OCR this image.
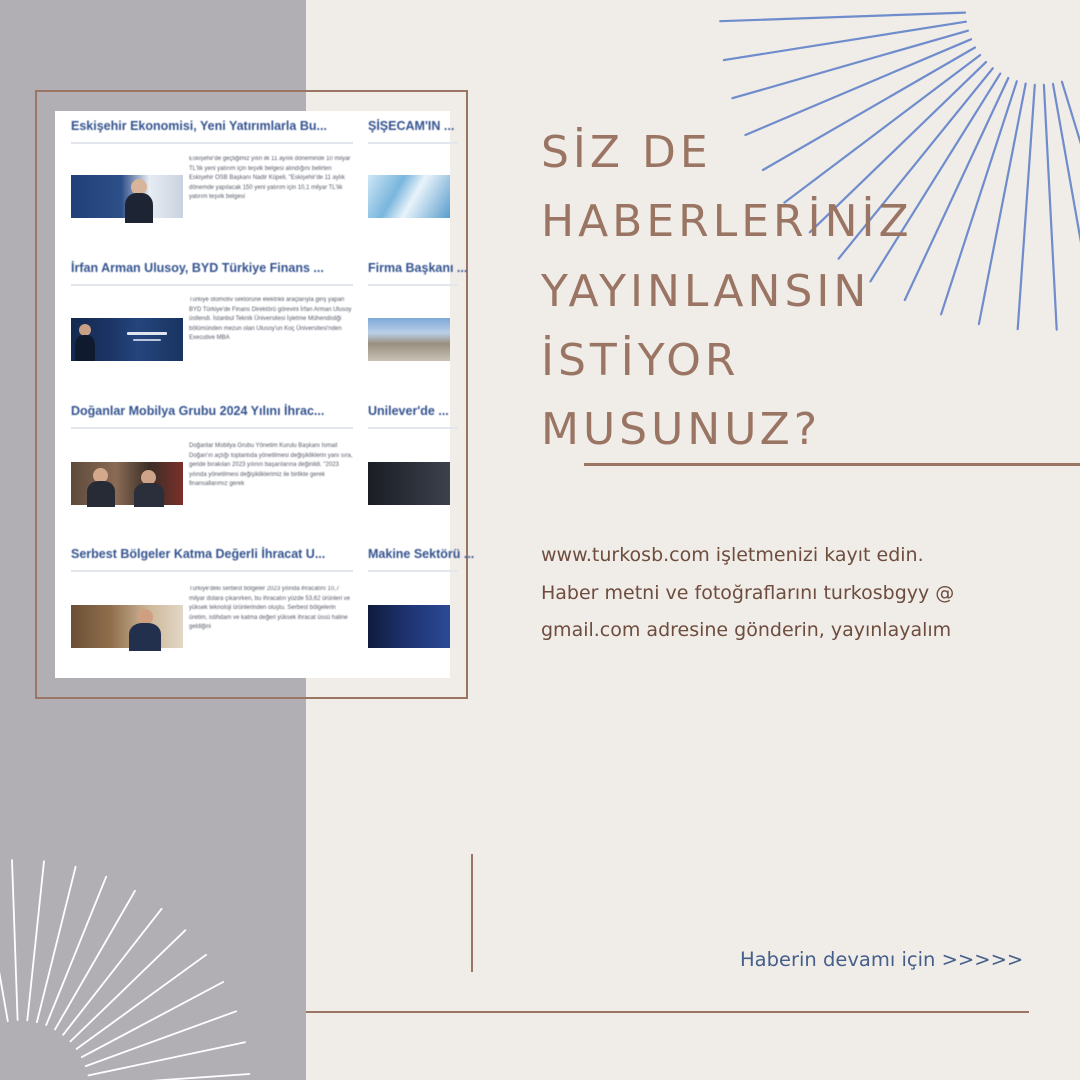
Eskişehir Ekonomisi, Yeni Yatırımlarla Bu...
Eskişehir'de geçtiğimiz yılın ilk 11 ayılık döneminde 10 milyar TL'lik yeni yatırım için teşvik belgesi alındığını belirten Eskişehir OSB Başkanı Nadir Küpeli, "Eskişehir'de 11 aylık dönemde yapılacak 150 yeni yatırım için 10,1 milyar TL'lik yatırım teşvik belgesi
İrfan Arman Ulusoy, BYD Türkiye Finans ...
Türkiye otomotiv sektörüne elektrikli araçlarıyla giriş yapan BYD Türkiye'de Finans Direktörü görevini İrfan Arman Ulusoy üstlendi. İstanbul Teknik Üniversitesi İşletme Mühendisliği bölümünden mezun olan Ulusoy'un Koç Üniversitesi'nden Executive MBA
Doğanlar Mobilya Grubu 2024 Yılını İhrac...
Doğanlar Mobilya Grubu Yönetim Kurulu Başkanı İsmail Doğan'ın açtığı toplantıda yönetilmesi değişikliklerin yanı sıra, geride bırakılan 2023 yılının başarılarına değinildi. "2023 yılında yönetilmesi değişikliklerimiz ile birlikte gerek finansallarımız gerek
Serbest Bölgeler Katma Değerli İhracat U...
Türkiye'deki serbest bölgeler 2023 yılında ihracatını 10,7 milyar dolara çıkarırken, bu ihracatın yüzde 53,62 ürünleri ve yüksek teknoloji ürünlerinden oluştu. Serbest bölgelerin üretim, istihdam ve katma değeri yüksek ihracat üssü haline geldiğini
ŞİŞECAM'IN ...
Firma Başkanı ...
Unilever'de ...
Makine Sektörü ...
SİZ DE
HABERLERİNİZ
YAYINLANSIN
İSTİYOR
MUSUNUZ?
www.turkosb.com işletmenizi kayıt edin.
Haber metni ve fotoğraflarını turkosbgyy @
gmail.com adresine gönderin, yayınlayalım
Haberin devamı için >>>>>
